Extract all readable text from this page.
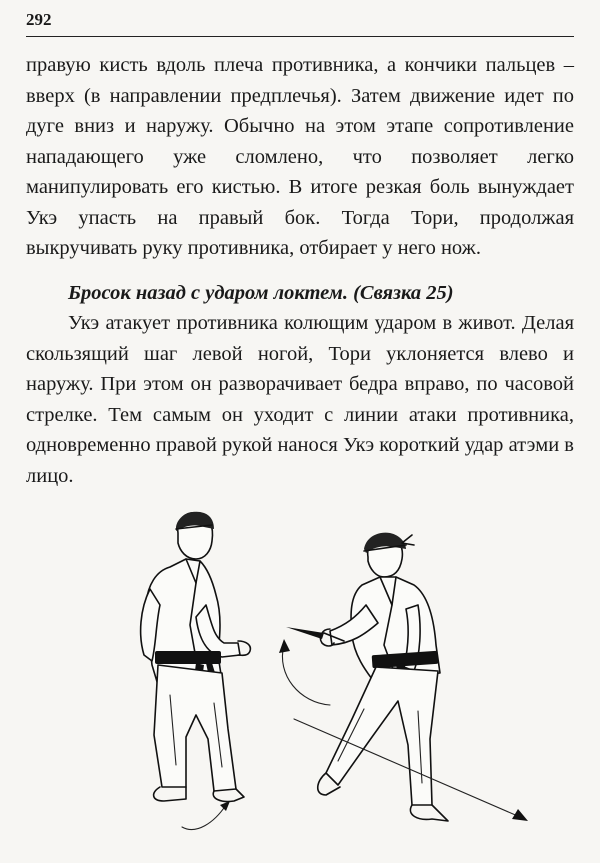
292

правую кисть вдоль плеча противника, а кончики пальцев – вверх (в направлении предплечья). Затем движение идет по дуге вниз и наружу. Обычно на этом этапе сопротивление нападающего уже сломлено, что позволяет легко манипулировать его кистью. В итоге резкая боль вынуждает Укэ упасть на правый бок. Тогда Тори, продолжая выкручивать руку противника, отбирает у него нож.

Бросок назад с ударом локтем. (Связка 25)

Укэ атакует противника колющим ударом в живот. Делая скользящий шаг левой ногой, Тори уклоняется влево и наружу. При этом он разворачивает бедра вправо, по часовой стрелке. Тем самым он уходит с линии атаки противника, одновременно правой рукой нанося Укэ короткий удар атэми в лицо.
